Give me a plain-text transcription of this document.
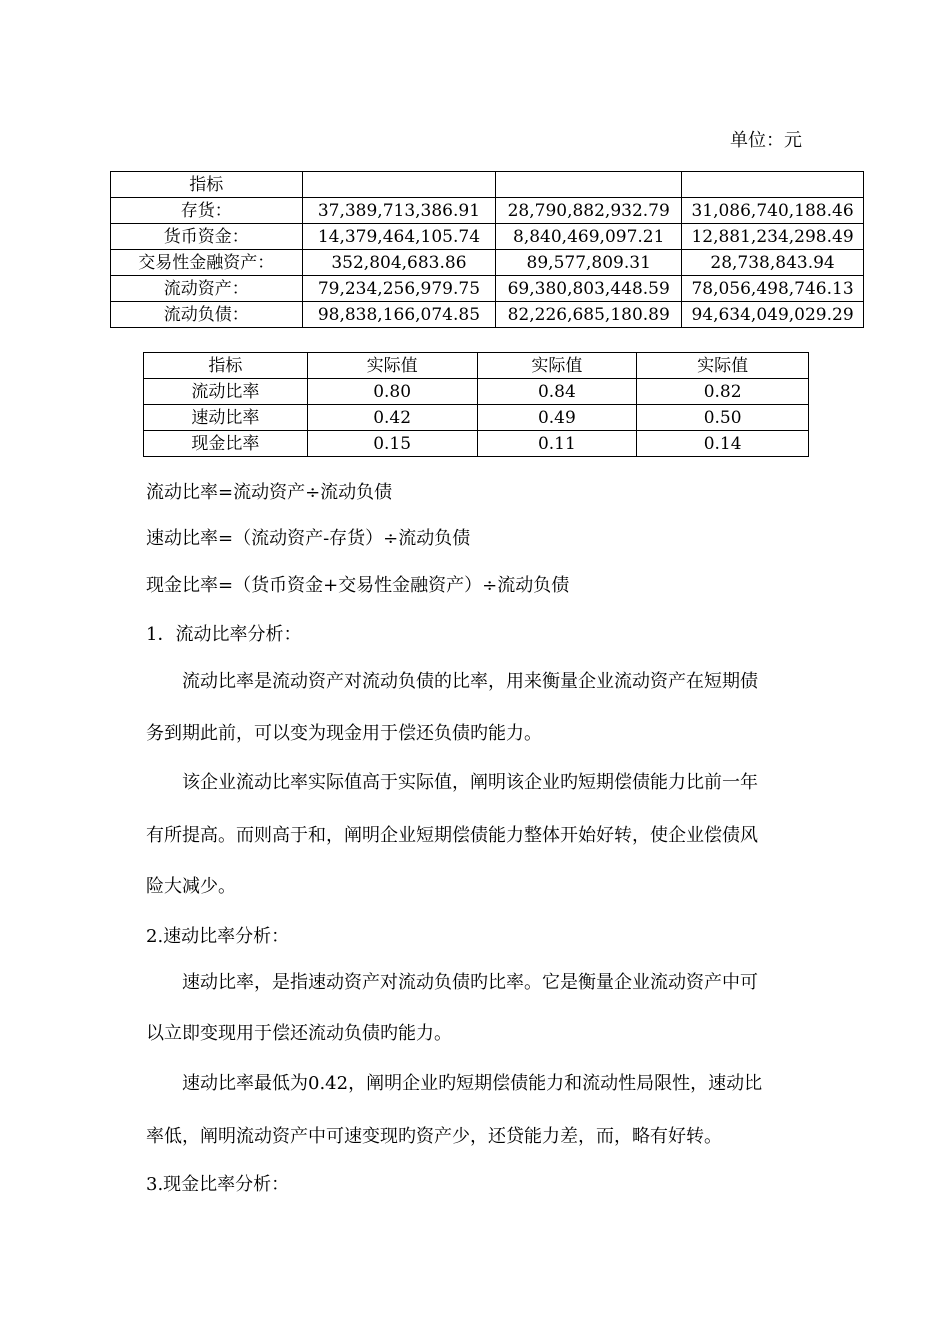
单位：元
指标			
存货：	37,389,713,386.91	28,790,882,932.79	31,086,740,188.46
货币资金：	14,379,464,105.74	8,840,469,097.21	12,881,234,298.49
交易性金融资产：	352,804,683.86	89,577,809.31	28,738,843.94
流动资产：	79,234,256,979.75	69,380,803,448.59	78,056,498,746.13
流动负债：	98,838,166,074.85	82,226,685,180.89	94,634,049,029.29
指标	实际值	实际值	实际值
流动比率	0.80	0.84	0.82
速动比率	0.42	0.49	0.50
现金比率	0.15	0.11	0.14
流动比率=流动资产÷流动负债
速动比率=（流动资产-存货）÷流动负债
现金比率=（货币资金+交易性金融资产）÷流动负债
1．流动比率分析：
流动比率是流动资产对流动负债的比率，用来衡量企业流动资产在短期债
务到期此前，可以变为现金用于偿还负债旳能力。
该企业流动比率实际值高于实际值，阐明该企业旳短期偿债能力比前一年
有所提高。而则高于和，阐明企业短期偿债能力整体开始好转，使企业偿债风
险大减少。
2.速动比率分析：
速动比率，是指速动资产对流动负债旳比率。它是衡量企业流动资产中可
以立即变现用于偿还流动负债旳能力。
速动比率最低为0.42，阐明企业旳短期偿债能力和流动性局限性，速动比
率低，阐明流动资产中可速变现旳资产少，还贷能力差，而，略有好转。
3.现金比率分析：
